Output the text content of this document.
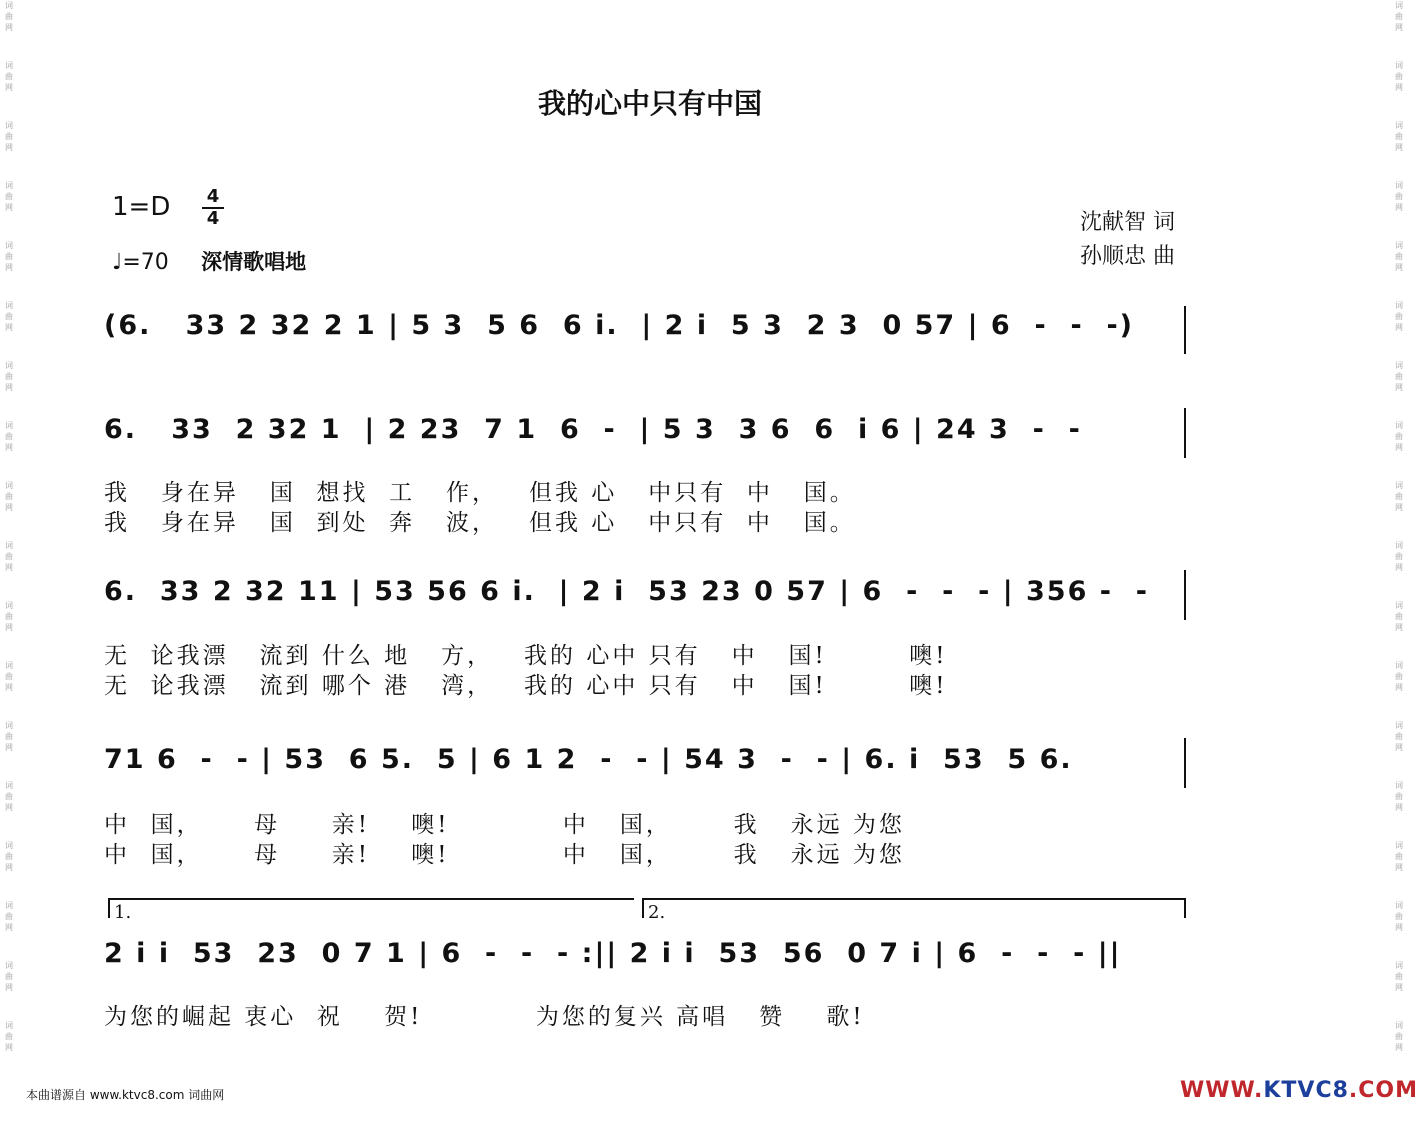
词
曲
网
词
曲
网
词
曲
网
词
曲
网
词
曲
网
词
曲
网
词
曲
网
词
曲
网
词
曲
网
词
曲
网
词
曲
网
词
曲
网
词
曲
网
词
曲
网
词
曲
网
词
曲
网
词
曲
网
词
曲
网
词
曲
网
词
曲
网
词
曲
网
词
曲
网
词
曲
网
词
曲
网
词
曲
网
词
曲
网
词
曲
网
词
曲
网
词
曲
网
词
曲
网
词
曲
网
词
曲
网
词
曲
网
词
曲
网
词
曲
网
词
曲
网
我的心中只有中国
1=D 4
4
♩=70 深情歌唱地
沈献智 词
孙顺忠 曲
(6.   33 2 32 2 1 | 5 3  5 6  6 i.  | 2 i  5 3  2 3  0 57 | 6  -  -  -)
6.   33  2 32 1  | 2 23  7 1  6  -  | 5 3  3 6  6  i 6 | 24 3  -  -
我   身在异   国  想找  工   作，   但我 心   中只有  中   国。
我   身在异   国  到处  奔   波，   但我 心   中只有  中   国。
6.  33 2 32 11 | 53 56 6 i.  | 2 i  53 23 0 57 | 6  -  -  - | 356 -  -
无  论我漂   流到 什么 地   方，   我的 心中 只有   中   国!        噢!
无  论我漂   流到 哪个 港   湾，   我的 心中 只有   中   国!        噢!
71 6  -  - | 53  6 5.  5 | 6 1 2  -  - | 54 3  -  - | 6. i  53  5 6.
中  国，     母     亲!    噢!           中   国，      我   永远 为您
中  国，     母     亲!    噢!           中   国，      我   永远 为您
1.	2.
2 i i  53  23  0 7 1 | 6  -  -  - :|| 2 i i  53  56  0 7 i | 6  -  -  - ||
为您的崛起 衷心  祝    贺!           为您的复兴 高唱   赞    歌!
本曲谱源自 www.ktvc8.com 词曲网	WWW.KTVC8.COM
